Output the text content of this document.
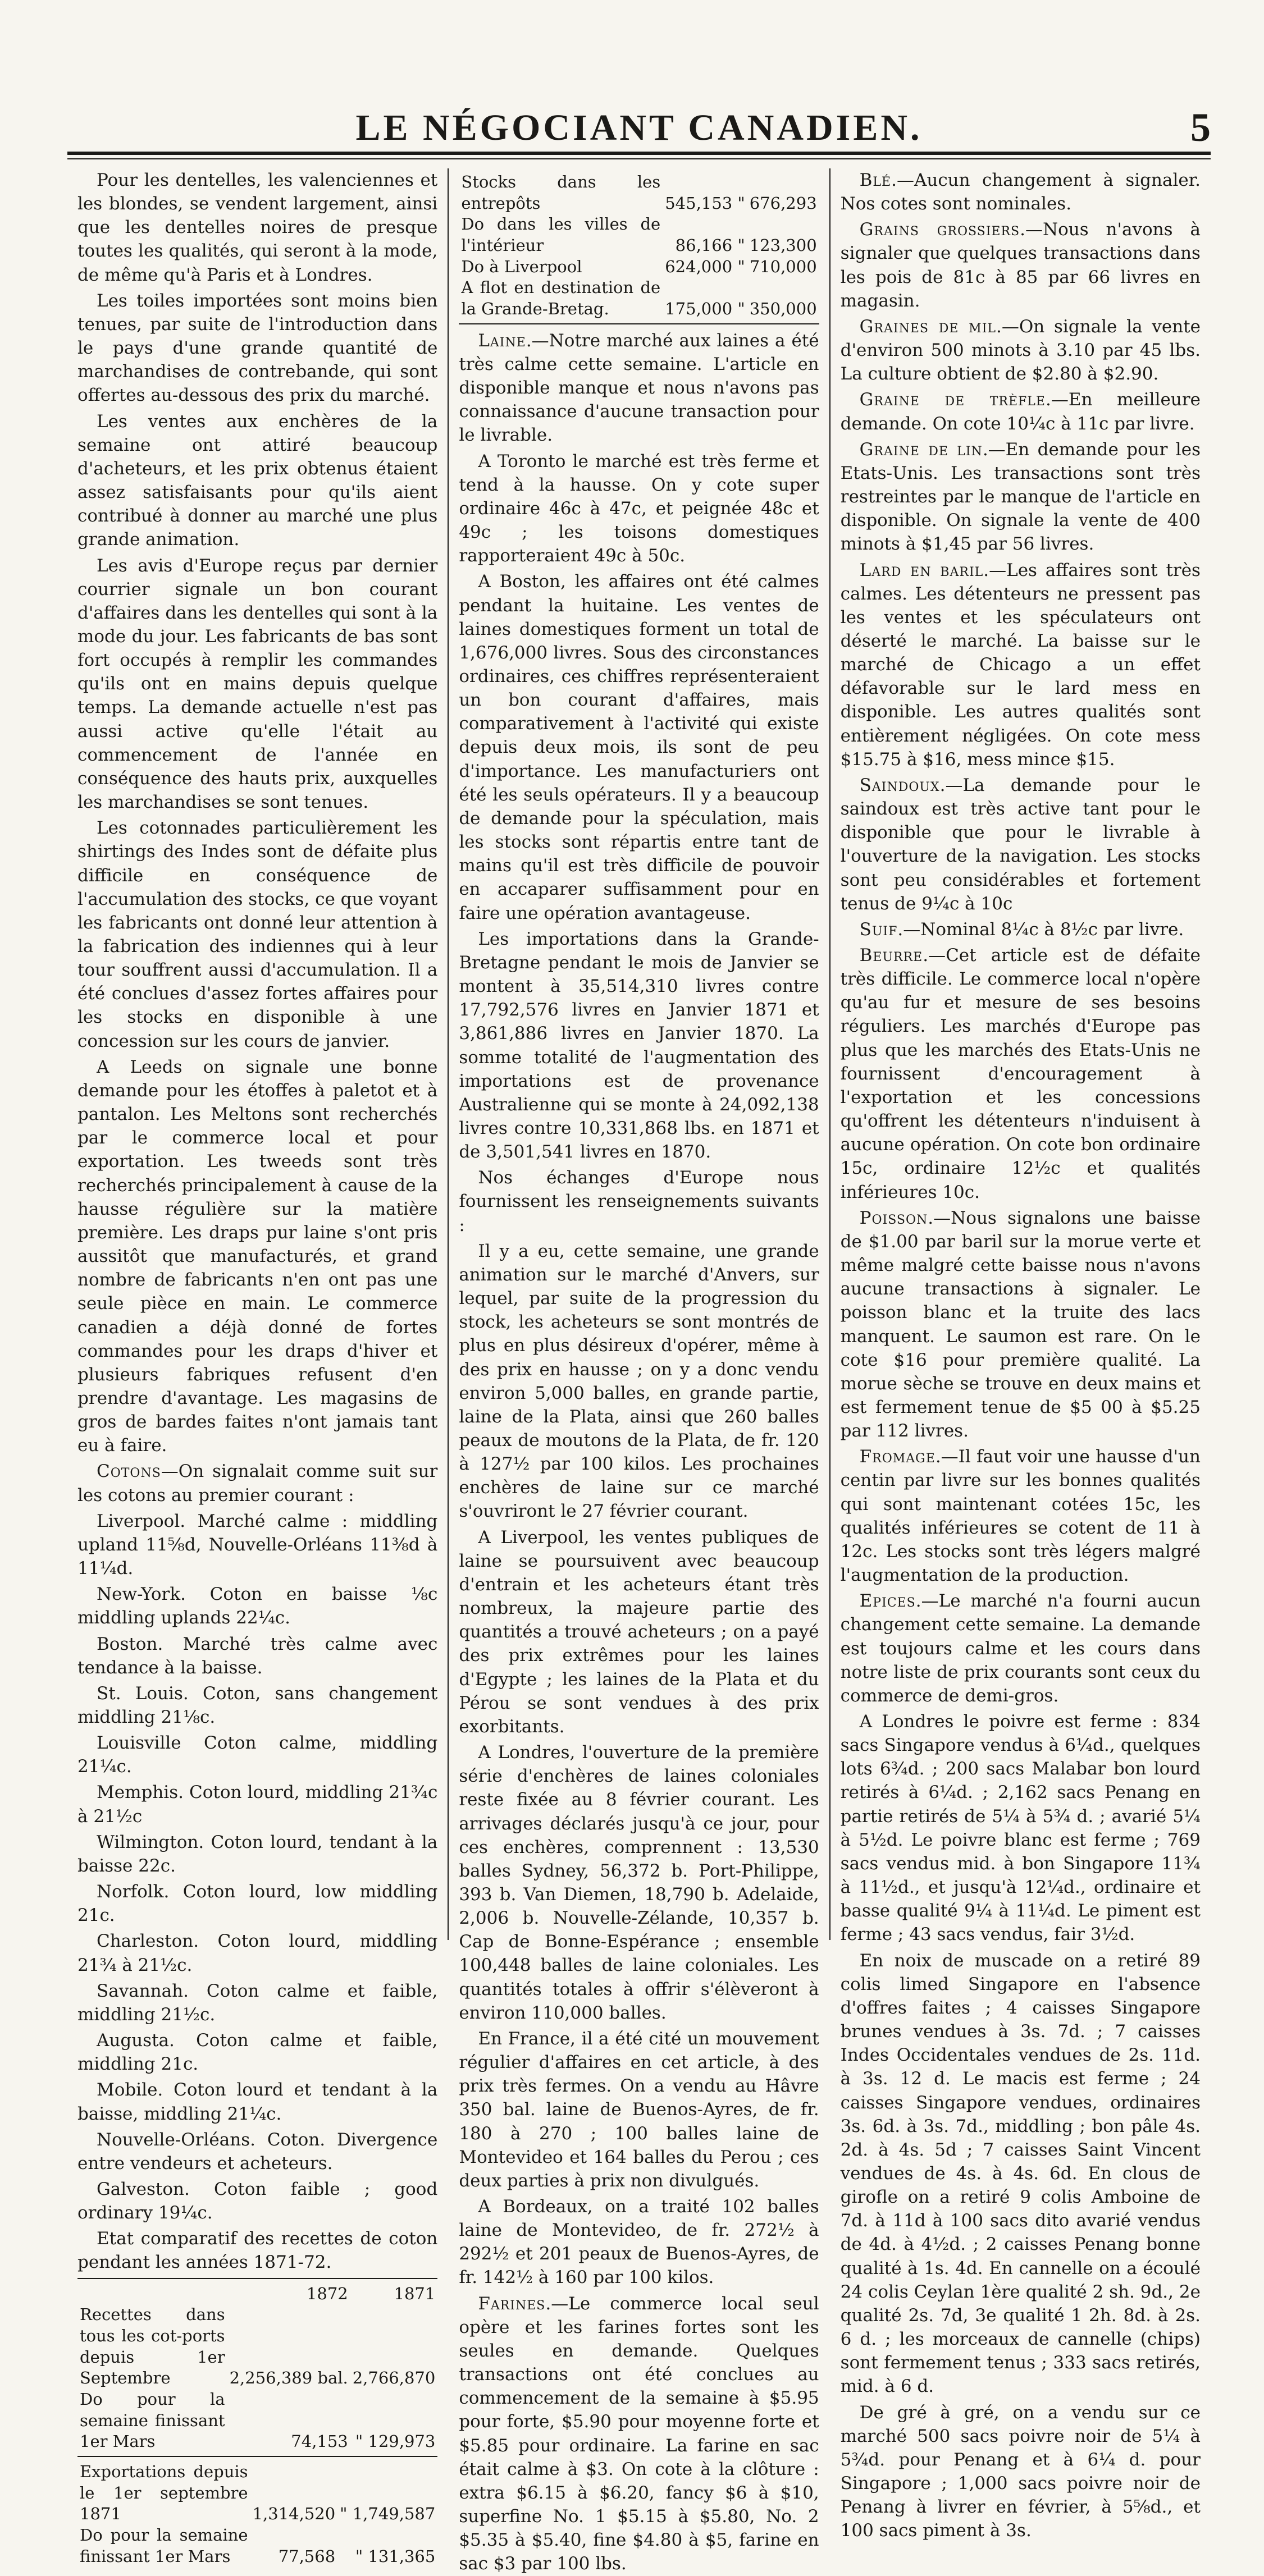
LE NÉGOCIANT CANADIEN.	5

Pour les dentelles, les valenciennes et les blondes, se vendent largement, ainsi que les dentelles noires de presque toutes les qualités, qui seront à la mode, de même qu'à Paris et à Londres.

Les toiles importées sont moins bien tenues, par suite de l'introduction dans le pays d'une grande quantité de marchandises de contrebande, qui sont offertes au-dessous des prix du marché.

Les ventes aux enchères de la semaine ont attiré beaucoup d'acheteurs, et les prix obtenus étaient assez satisfaisants pour qu'ils aient contribué à donner au marché une plus grande animation.

Les avis d'Europe reçus par dernier courrier signale un bon courant d'affaires dans les dentelles qui sont à la mode du jour. Les fabricants de bas sont fort occupés à remplir les commandes qu'ils ont en mains depuis quelque temps. La demande actuelle n'est pas aussi active qu'elle l'était au commencement de l'année en conséquence des hauts prix, auxquelles les marchandises se sont tenues.

Les cotonnades particulièrement les shirtings des Indes sont de défaite plus difficile en conséquence de l'accumulation des stocks, ce que voyant les fabricants ont donné leur attention à la fabrication des indiennes qui à leur tour souffrent aussi d'accumulation. Il a été conclues d'assez fortes affaires pour les stocks en disponible à une concession sur les cours de janvier.

A Leeds on signale une bonne demande pour les étoffes à paletot et à pantalon. Les Meltons sont recherchés par le commerce local et pour exportation. Les tweeds sont très recherchés principalement à cause de la hausse régulière sur la matière première. Les draps pur laine s'ont pris aussitôt que manufacturés, et grand nombre de fabricants n'en ont pas une seule pièce en main. Le commerce canadien a déjà donné de fortes commandes pour les draps d'hiver et plusieurs fabriques refusent d'en prendre d'avantage. Les magasins de gros de bardes faites n'ont jamais tant eu à faire.

Cotons—On signalait comme suit sur les cotons au premier courant :

Liverpool. Marché calme : middling upland 11⅝d, Nouvelle-Orléans 11⅜d à 11¼d.

New-York. Coton en baisse ⅛c middling uplands 22¼c.

Boston. Marché très calme avec tendance à la baisse.

St. Louis. Coton, sans changement middling 21⅛c.

Louisville Coton calme, middling 21¼c.

Memphis. Coton lourd, middling 21¾c à 21½c

Wilmington. Coton lourd, tendant à la baisse 22c.

Norfolk. Coton lourd, low middling 21c.

Charleston. Coton lourd, middling 21¾ à 21½c.

Savannah. Coton calme et faible, middling 21½c.

Augusta. Coton calme et faible, middling 21c.

Mobile. Coton lourd et tendant à la baisse, middling 21¼c.

Nouvelle-Orléans. Coton. Divergence entre vendeurs et acheteurs.

Galveston. Coton faible ; good ordinary 19¼c.

Etat comparatif des recettes de coton pendant les années 1871-72.

	1872	1871
Recettes dans tous les cot-ports depuis 1er Septembre	2,256,389 bal.	2,766,870
Do pour la semaine finissant 1er Mars	74,153	" 129,973
Exportations depuis le 1er septembre 1871	1,314,520	" 1,749,587
Do pour la semaine finissant 1er Mars	77,568	" 131,365
Stocks dans les entrepôts	545,153 "	676,293
Do dans les villes de l'intérieur	86,166 "	123,300
Do à Liverpool	624,000 "	710,000
A flot en destination de la Grande-Bretag.	175,000 "	350,000

Laine.—Notre marché aux laines a été très calme cette semaine. L'article en disponible manque et nous n'avons pas connaissance d'aucune transaction pour le livrable.

A Toronto le marché est très ferme et tend à la hausse. On y cote super ordinaire 46c à 47c, et peignée 48c et 49c ; les toisons domestiques rapporteraient 49c à 50c.

A Boston, les affaires ont été calmes pendant la huitaine. Les ventes de laines domestiques forment un total de 1,676,000 livres. Sous des circonstances ordinaires, ces chiffres représenteraient un bon courant d'affaires, mais comparativement à l'activité qui existe depuis deux mois, ils sont de peu d'importance. Les manufacturiers ont été les seuls opérateurs. Il y a beaucoup de demande pour la spéculation, mais les stocks sont répartis entre tant de mains qu'il est très difficile de pouvoir en accaparer suffisamment pour en faire une opération avantageuse.

Les importations dans la Grande-Bretagne pendant le mois de Janvier se montent à 35,514,310 livres contre 17,792,576 livres en Janvier 1871 et 3,861,886 livres en Janvier 1870. La somme totalité de l'augmentation des importations est de provenance Australienne qui se monte à 24,092,138 livres contre 10,331,868 lbs. en 1871 et de 3,501,541 livres en 1870.

Nos échanges d'Europe nous fournissent les renseignements suivants :

Il y a eu, cette semaine, une grande animation sur le marché d'Anvers, sur lequel, par suite de la progression du stock, les acheteurs se sont montrés de plus en plus désireux d'opérer, même à des prix en hausse ; on y a donc vendu environ 5,000 balles, en grande partie, laine de la Plata, ainsi que 260 balles peaux de moutons de la Plata, de fr. 120 à 127½ par 100 kilos. Les prochaines enchères de laine sur ce marché s'ouvriront le 27 février courant.

A Liverpool, les ventes publiques de laine se poursuivent avec beaucoup d'entrain et les acheteurs étant très nombreux, la majeure partie des quantités a trouvé acheteurs ; on a payé des prix extrêmes pour les laines d'Egypte ; les laines de la Plata et du Pérou se sont vendues à des prix exorbitants.

A Londres, l'ouverture de la première série d'enchères de laines coloniales reste fixée au 8 février courant. Les arrivages déclarés jusqu'à ce jour, pour ces enchères, comprennent : 13,530 balles Sydney, 56,372 b. Port-Philippe, 393 b. Van Diemen, 18,790 b. Adelaide, 2,006 b. Nouvelle-Zélande, 10,357 b. Cap de Bonne-Espérance ; ensemble 100,448 balles de laine coloniales. Les quantités totales à offrir s'élèveront à environ 110,000 balles.

En France, il a été cité un mouvement régulier d'affaires en cet article, à des prix très fermes. On a vendu au Hâvre 350 bal. laine de Buenos-Ayres, de fr. 180 à 270 ; 100 balles laine de Montevideo et 164 balles du Perou ; ces deux parties à prix non divulgués.

A Bordeaux, on a traité 102 balles laine de Montevideo, de fr. 272½ à 292½ et 201 peaux de Buenos-Ayres, de fr. 142½ à 160 par 100 kilos.

Farines.—Le commerce local seul opère et les farines fortes sont les seules en demande. Quelques transactions ont été conclues au commencement de la semaine à $5.95 pour forte, $5.90 pour moyenne forte et $5.85 pour ordinaire. La farine en sac était calme à $3. On cote à la clôture : extra $6.15 à $6.20, fancy $6 à $10, superfine No. 1 $5.15 à $5.80, No. 2 $5.35 à $5.40, fine $4.80 à $5, farine en sac $3 par 100 lbs.

Blé.—Aucun changement à signaler. Nos cotes sont nominales.

Grains grossiers.—Nous n'avons à signaler que quelques transactions dans les pois de 81c à 85 par 66 livres en magasin.

Graines de mil.—On signale la vente d'environ 500 minots à 3.10 par 45 lbs. La culture obtient de $2.80 à $2.90.

Graine de trèfle.—En meilleure demande. On cote 10¼c à 11c par livre.

Graine de lin.—En demande pour les Etats-Unis. Les transactions sont très restreintes par le manque de l'article en disponible. On signale la vente de 400 minots à $1,45 par 56 livres.

Lard en baril.—Les affaires sont très calmes. Les détenteurs ne pressent pas les ventes et les spéculateurs ont déserté le marché. La baisse sur le marché de Chicago a un effet défavorable sur le lard mess en disponible. Les autres qualités sont entièrement négligées. On cote mess $15.75 à $16, mess mince $15.

Saindoux.—La demande pour le saindoux est très active tant pour le disponible que pour le livrable à l'ouverture de la navigation. Les stocks sont peu considérables et fortement tenus de 9¼c à 10c

Suif.—Nominal 8¼c à 8½c par livre.

Beurre.—Cet article est de défaite très difficile. Le commerce local n'opère qu'au fur et mesure de ses besoins réguliers. Les marchés d'Europe pas plus que les marchés des Etats-Unis ne fournissent d'encouragement à l'exportation et les concessions qu'offrent les détenteurs n'induisent à aucune opération. On cote bon ordinaire 15c, ordinaire 12½c et qualités inférieures 10c.

Poisson.—Nous signalons une baisse de $1.00 par baril sur la morue verte et même malgré cette baisse nous n'avons aucune transactions à signaler. Le poisson blanc et la truite des lacs manquent. Le saumon est rare. On le cote $16 pour première qualité. La morue sèche se trouve en deux mains et est fermement tenue de $5 00 à $5.25 par 112 livres.

Fromage.—Il faut voir une hausse d'un centin par livre sur les bonnes qualités qui sont maintenant cotées 15c, les qualités inférieures se cotent de 11 à 12c. Les stocks sont très légers malgré l'augmentation de la production.

Epices.—Le marché n'a fourni aucun changement cette semaine. La demande est toujours calme et les cours dans notre liste de prix courants sont ceux du commerce de demi-gros.

A Londres le poivre est ferme : 834 sacs Singapore vendus à 6¼d., quelques lots 6¾d. ; 200 sacs Malabar bon lourd retirés à 6¼d. ; 2,162 sacs Penang en partie retirés de 5¼ à 5¾ d. ; avarié 5¼ à 5½d. Le poivre blanc est ferme ; 769 sacs vendus mid. à bon Singapore 11¾ à 11½d., et jusqu'à 12¼d., ordinaire et basse qualité 9¼ à 11¼d. Le piment est ferme ; 43 sacs vendus, fair 3½d.

En noix de muscade on a retiré 89 colis limed Singapore en l'absence d'offres faites ; 4 caisses Singapore brunes vendues à 3s. 7d. ; 7 caisses Indes Occidentales vendues de 2s. 11d. à 3s. 12 d. Le macis est ferme ; 24 caisses Singapore vendues, ordinaires 3s. 6d. à 3s. 7d., middling ; bon pâle 4s. 2d. à 4s. 5d ; 7 caisses Saint Vincent vendues de 4s. à 4s. 6d. En clous de girofle on a retiré 9 colis Amboine de 7d. à 11d à 100 sacs dito avarié vendus de 4d. à 4½d. ; 2 caisses Penang bonne qualité à 1s. 4d. En cannelle on a écoulé 24 colis Ceylan 1ère qualité 2 sh. 9d., 2e qualité 2s. 7d, 3e qualité 1 2h. 8d. à 2s. 6 d. ; les morceaux de cannelle (chips) sont fermement tenus ; 333 sacs retirés, mid. à 6 d.

De gré à gré, on a vendu sur ce marché 500 sacs poivre noir de 5¼ à 5¾d. pour Penang et à 6¼ d. pour Singapore ; 1,000 sacs poivre noir de Penang à livrer en février, à 5⅝d., et 100 sacs piment à 3s.
